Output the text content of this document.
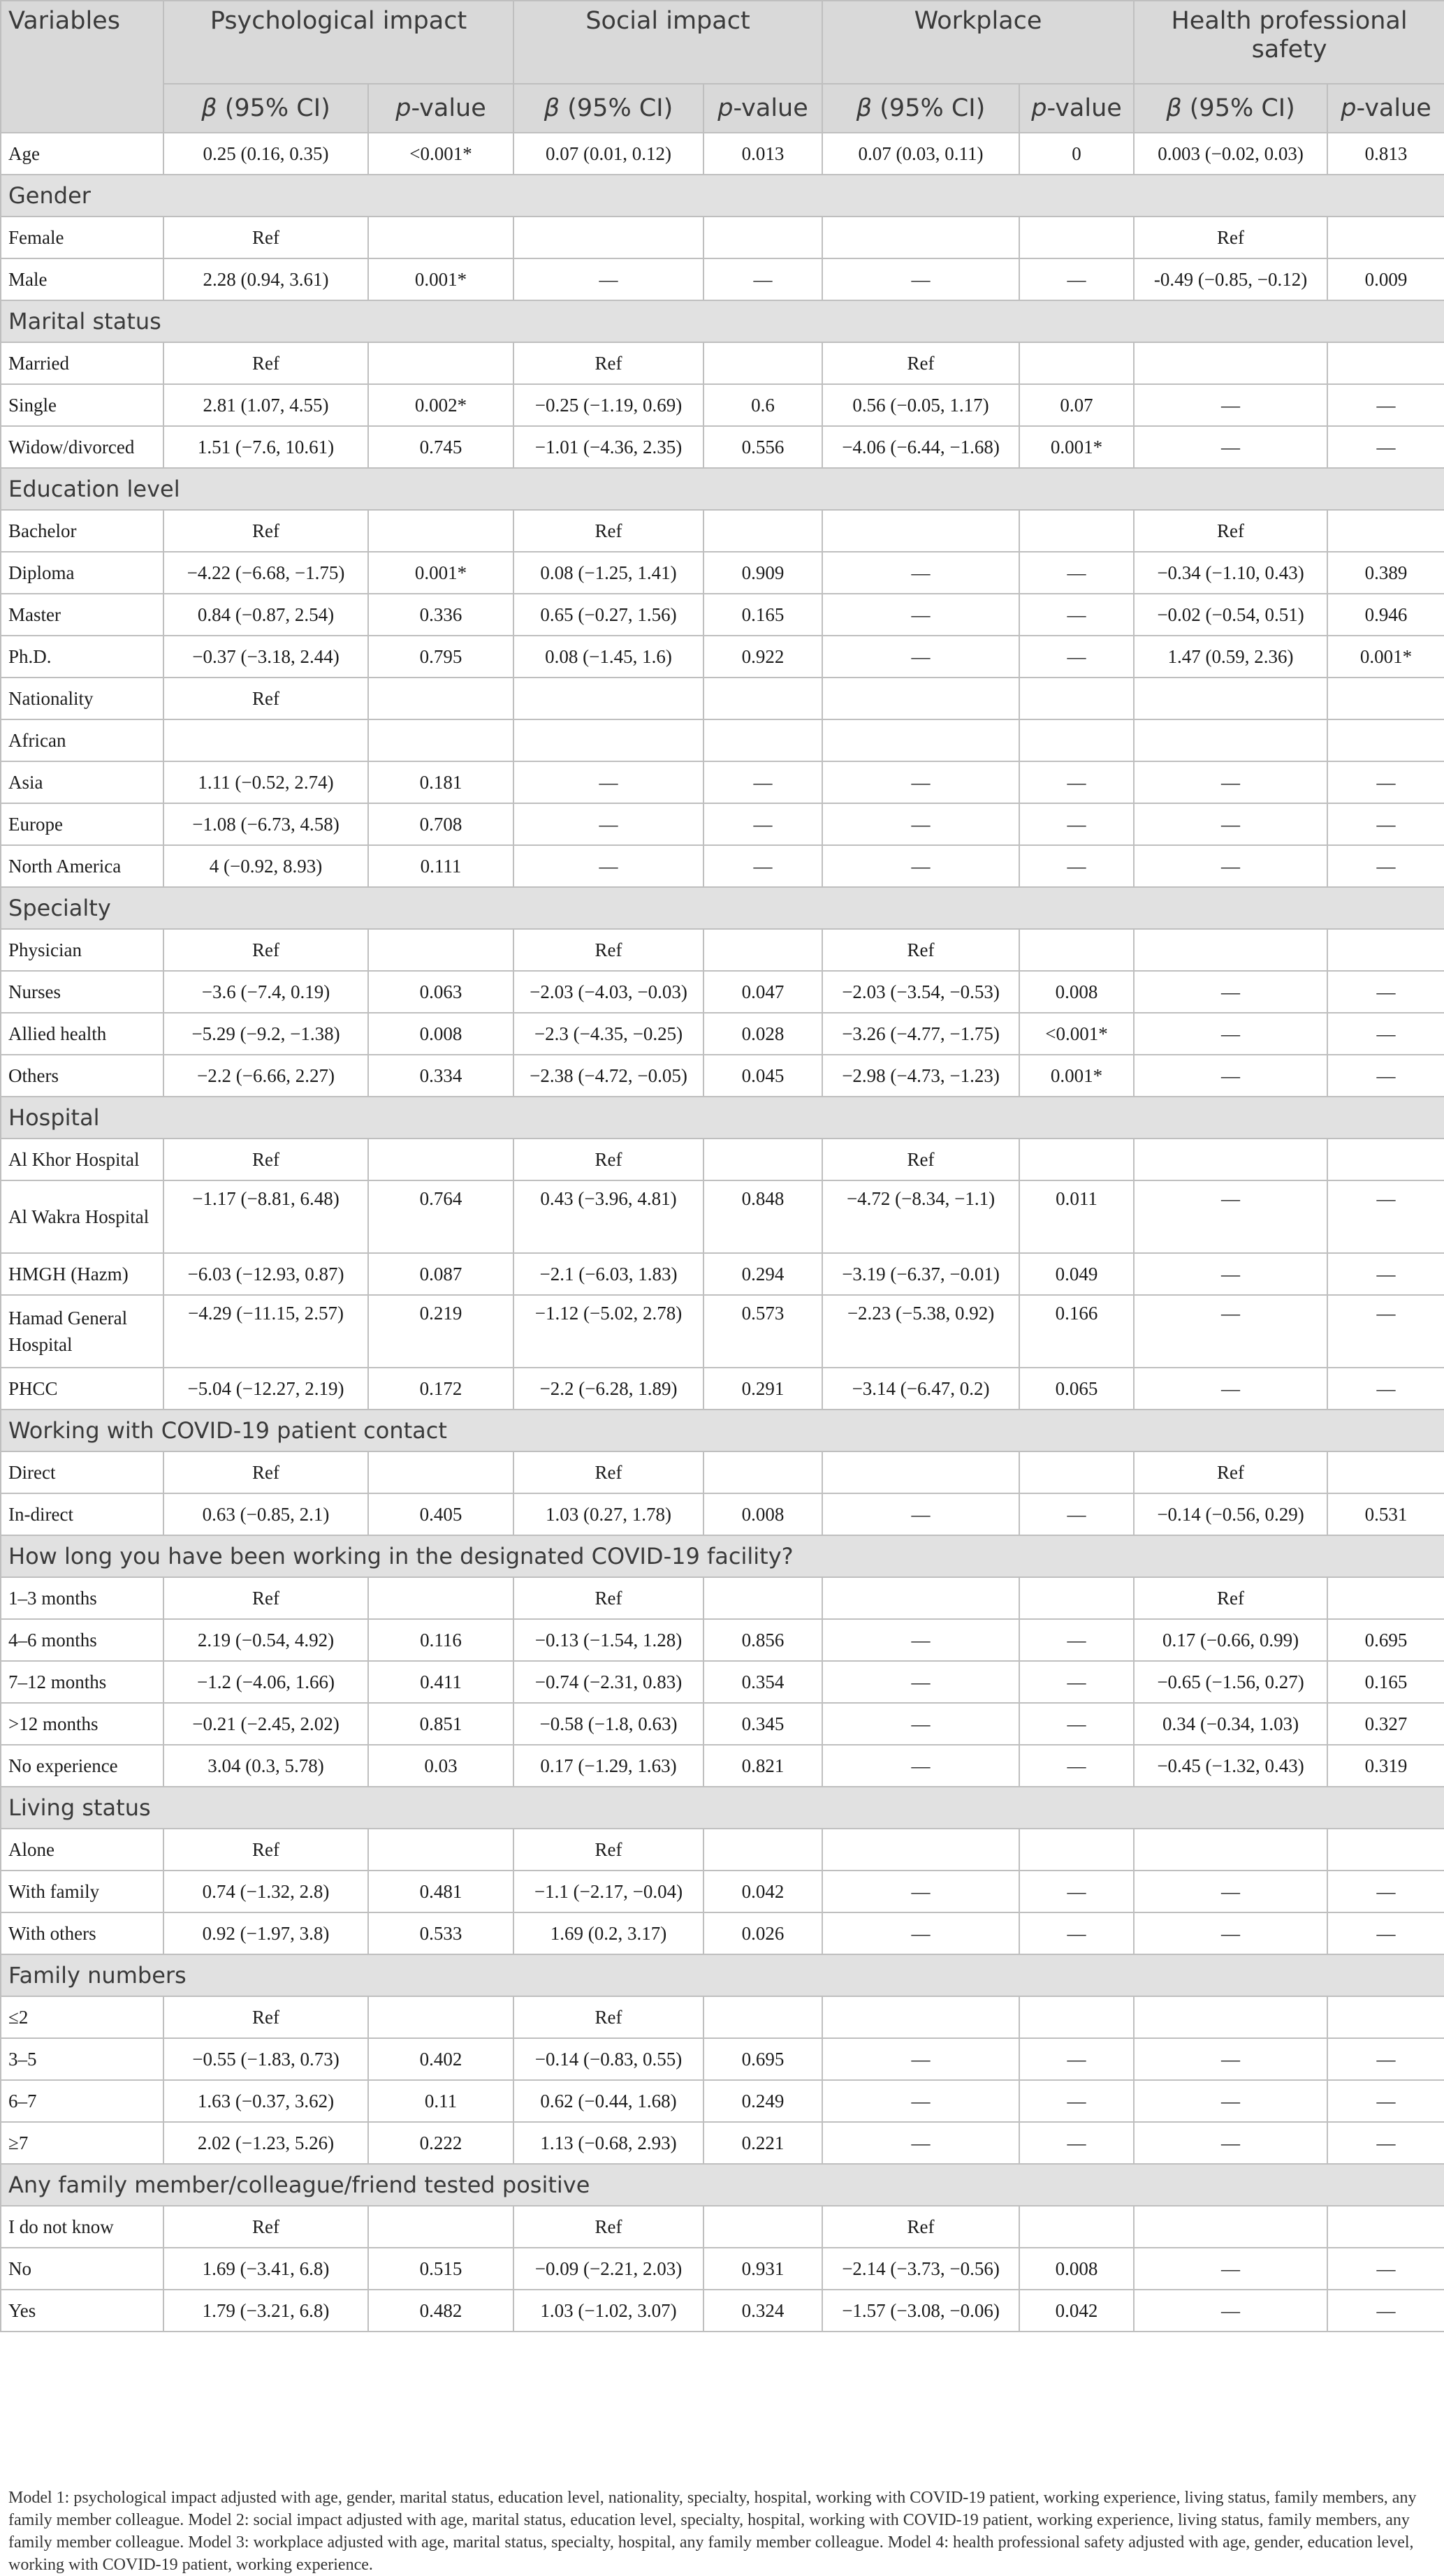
Variables	Psychological impact		Social impact		Workplace		Health professional safety	
	β (95% CI)	p-value	β (95% CI)	p-value	β (95% CI)	p-value	β (95% CI)	p-value
Age	0.25 (0.16, 0.35)	<0.001*	0.07 (0.01, 0.12)	0.013	0.07 (0.03, 0.11)	0	0.003 (−0.02, 0.03)	0.813
Gender								
Female	Ref						Ref	
Male	2.28 (0.94, 3.61)	0.001*	—	—	—	—	-0.49 (−0.85, −0.12)	0.009
Marital status								
Married	Ref		Ref		Ref			
Single	2.81 (1.07, 4.55)	0.002*	−0.25 (−1.19, 0.69)	0.6	0.56 (−0.05, 1.17)	0.07	—	—
Widow/divorced	1.51 (−7.6, 10.61)	0.745	−1.01 (−4.36, 2.35)	0.556	−4.06 (−6.44, −1.68)	0.001*	—	—
Education level								
Bachelor	Ref		Ref				Ref	
Diploma	−4.22 (−6.68, −1.75)	0.001*	0.08 (−1.25, 1.41)	0.909	—	—	−0.34 (−1.10, 0.43)	0.389
Master	0.84 (−0.87, 2.54)	0.336	0.65 (−0.27, 1.56)	0.165	—	—	−0.02 (−0.54, 0.51)	0.946
Ph.D.	−0.37 (−3.18, 2.44)	0.795	0.08 (−1.45, 1.6)	0.922	—	—	1.47 (0.59, 2.36)	0.001*
Nationality	Ref							
African								
Asia	1.11 (−0.52, 2.74)	0.181	—	—	—	—	—	—
Europe	−1.08 (−6.73, 4.58)	0.708	—	—	—	—	—	—
North America	4 (−0.92, 8.93)	0.111	—	—	—	—	—	—
Specialty								
Physician	Ref		Ref		Ref			
Nurses	−3.6 (−7.4, 0.19)	0.063	−2.03 (−4.03, −0.03)	0.047	−2.03 (−3.54, −0.53)	0.008	—	—
Allied health	−5.29 (−9.2, −1.38)	0.008	−2.3 (−4.35, −0.25)	0.028	−3.26 (−4.77, −1.75)	<0.001*	—	—
Others	−2.2 (−6.66, 2.27)	0.334	−2.38 (−4.72, −0.05)	0.045	−2.98 (−4.73, −1.23)	0.001*	—	—
Hospital								
Al Khor Hospital	Ref		Ref		Ref			
Al Wakra Hospital	−1.17 (−8.81, 6.48)	0.764	0.43 (−3.96, 4.81)	0.848	−4.72 (−8.34, −1.1)	0.011	—	—
HMGH (Hazm)	−6.03 (−12.93, 0.87)	0.087	−2.1 (−6.03, 1.83)	0.294	−3.19 (−6.37, −0.01)	0.049	—	—
Hamad General Hospital	−4.29 (−11.15, 2.57)	0.219	−1.12 (−5.02, 2.78)	0.573	−2.23 (−5.38, 0.92)	0.166	—	—
PHCC	−5.04 (−12.27, 2.19)	0.172	−2.2 (−6.28, 1.89)	0.291	−3.14 (−6.47, 0.2)	0.065	—	—
Working with COVID-19 patient contact								
Direct	Ref		Ref				Ref	
In-direct	0.63 (−0.85, 2.1)	0.405	1.03 (0.27, 1.78)	0.008	—	—	−0.14 (−0.56, 0.29)	0.531
How long you have been working in the designated COVID-19 facility?								
1–3 months	Ref		Ref				Ref	
4–6 months	2.19 (−0.54, 4.92)	0.116	−0.13 (−1.54, 1.28)	0.856	—	—	0.17 (−0.66, 0.99)	0.695
7–12 months	−1.2 (−4.06, 1.66)	0.411	−0.74 (−2.31, 0.83)	0.354	—	—	−0.65 (−1.56, 0.27)	0.165
>12 months	−0.21 (−2.45, 2.02)	0.851	−0.58 (−1.8, 0.63)	0.345	—	—	0.34 (−0.34, 1.03)	0.327
No experience	3.04 (0.3, 5.78)	0.03	0.17 (−1.29, 1.63)	0.821	—	—	−0.45 (−1.32, 0.43)	0.319
Living status								
Alone	Ref		Ref					
With family	0.74 (−1.32, 2.8)	0.481	−1.1 (−2.17, −0.04)	0.042	—	—	—	—
With others	0.92 (−1.97, 3.8)	0.533	1.69 (0.2, 3.17)	0.026	—	—	—	—
Family numbers								
≤2	Ref		Ref					
3–5	−0.55 (−1.83, 0.73)	0.402	−0.14 (−0.83, 0.55)	0.695	—	—	—	—
6–7	1.63 (−0.37, 3.62)	0.11	0.62 (−0.44, 1.68)	0.249	—	—	—	—
≥7	2.02 (−1.23, 5.26)	0.222	1.13 (−0.68, 2.93)	0.221	—	—	—	—
Any family member/colleague/friend tested positive								
I do not know	Ref		Ref		Ref			
No	1.69 (−3.41, 6.8)	0.515	−0.09 (−2.21, 2.03)	0.931	−2.14 (−3.73, −0.56)	0.008	—	—
Yes	1.79 (−3.21, 6.8)	0.482	1.03 (−1.02, 3.07)	0.324	−1.57 (−3.08, −0.06)	0.042	—	—
Model 1: psychological impact adjusted with age, gender, marital status, education level, nationality, specialty, hospital, working with COVID-19 patient, working experience, living status, family members, any family member colleague. Model 2: social impact adjusted with age, marital status, education level, specialty, hospital, working with COVID-19 patient, working experience, living status, family members, any family member colleague. Model 3: workplace adjusted with age, marital status, specialty, hospital, any family member colleague. Model 4: health professional safety adjusted with age, gender, education level, working with COVID-19 patient, working experience.
